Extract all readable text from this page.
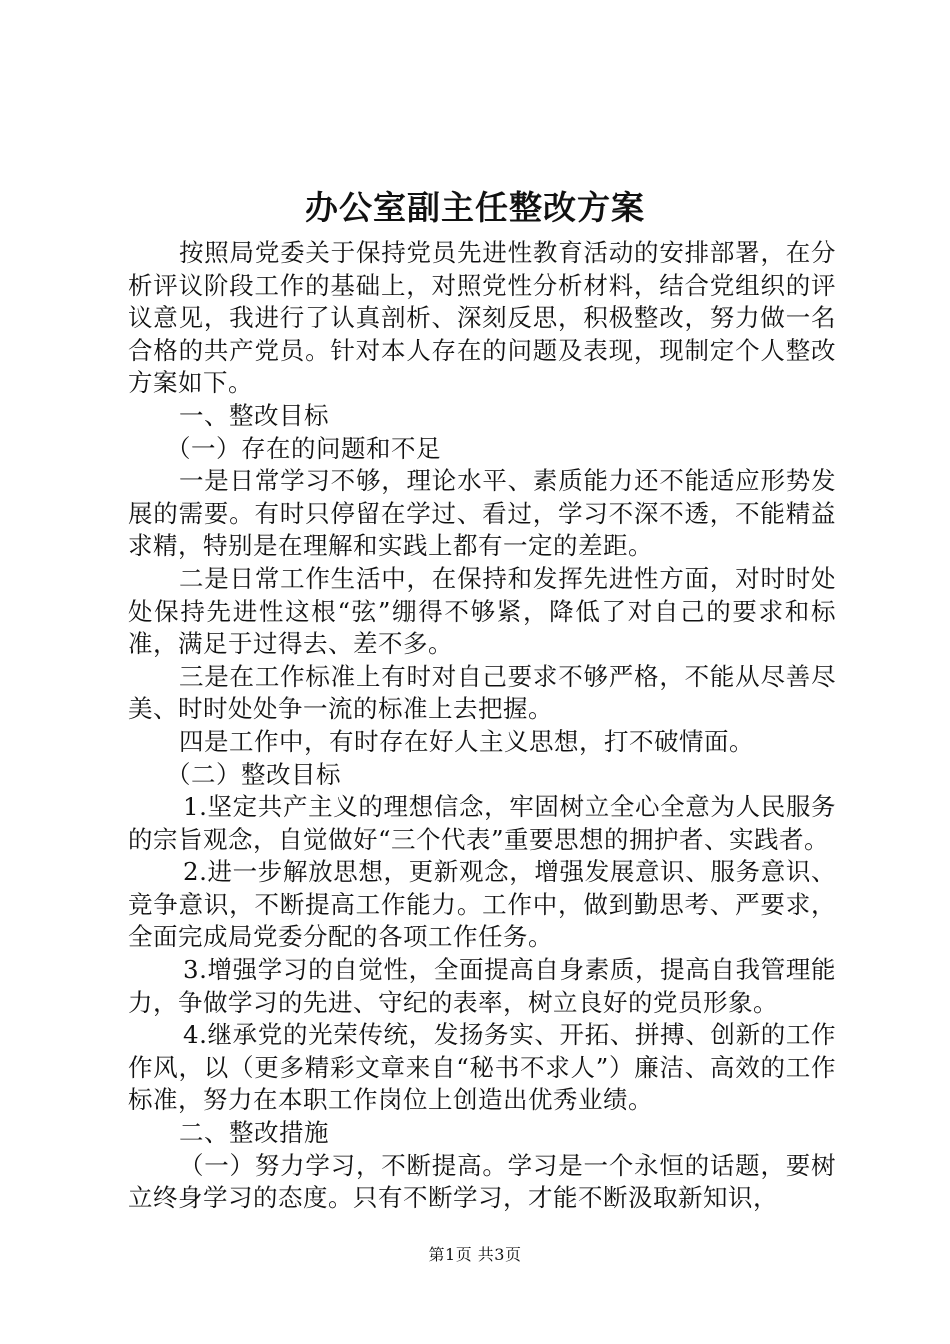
办公室副主任整改方案

按照局党委关于保持党员先进性教育活动的安排部署，在分析评议阶段工作的基础上，对照党性分析材料，结合党组织的评议意见，我进行了认真剖析、深刻反思，积极整改，努力做一名合格的共产党员。针对本人存在的问题及表现，现制定个人整改方案如下。

一、整改目标

（一）存在的问题和不足

一是日常学习不够，理论水平、素质能力还不能适应形势发展的需要。有时只停留在学过、看过，学习不深不透，不能精益求精，特别是在理解和实践上都有一定的差距。

二是日常工作生活中，在保持和发挥先进性方面，对时时处处保持先进性这根“弦”绷得不够紧，降低了对自己的要求和标准，满足于过得去、差不多。

三是在工作标准上有时对自己要求不够严格，不能从尽善尽美、时时处处争一流的标准上去把握。

四是工作中，有时存在好人主义思想，打不破情面。

（二）整改目标

1.坚定共产主义的理想信念，牢固树立全心全意为人民服务的宗旨观念，自觉做好“三个代表”重要思想的拥护者、实践者。

2.进一步解放思想，更新观念，增强发展意识、服务意识、竞争意识，不断提高工作能力。工作中，做到勤思考、严要求，全面完成局党委分配的各项工作任务。

3.增强学习的自觉性，全面提高自身素质，提高自我管理能力，争做学习的先进、守纪的表率，树立良好的党员形象。

4.继承党的光荣传统，发扬务实、开拓、拼搏、创新的工作作风，以（更多精彩文章来自“秘书不求人”）廉洁、高效的工作标准，努力在本职工作岗位上创造出优秀业绩。

二、整改措施

（一）努力学习，不断提高。学习是一个永恒的话题，要树立终身学习的态度。只有不断学习，才能不断汲取新知识，

第1页 共3页
